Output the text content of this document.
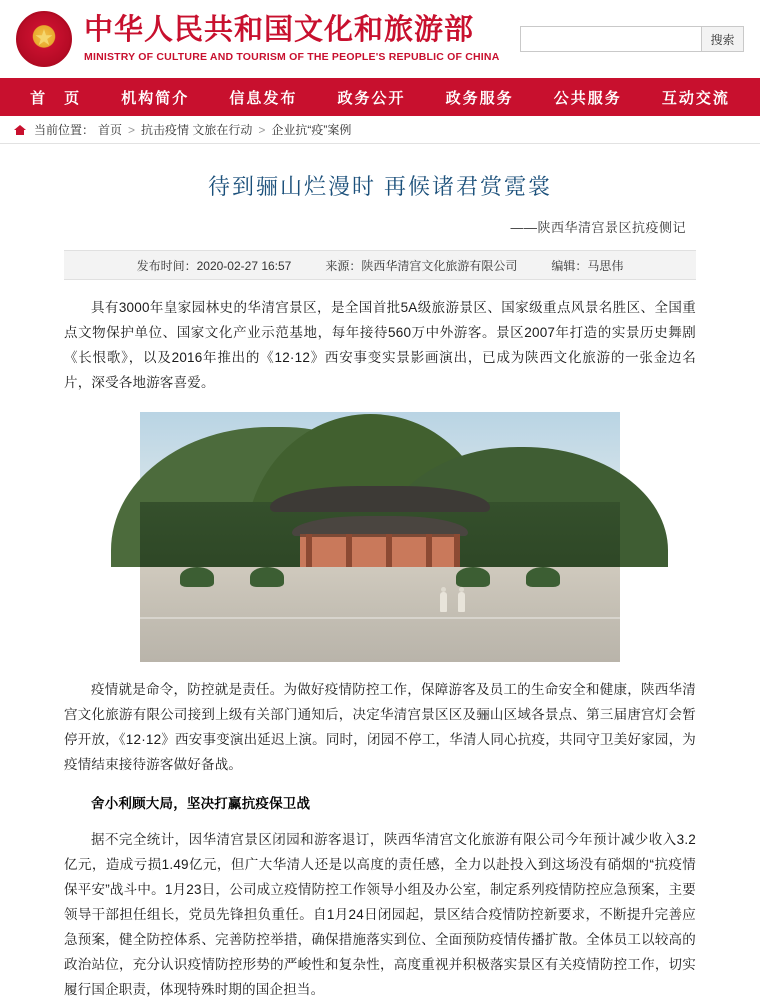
★
中华人民共和国文化和旅游部
MINISTRY OF CULTURE AND TOURISM OF THE PEOPLE'S REPUBLIC OF CHINA
搜索
首　页	机构简介	信息发布	政务公开	政务服务	公共服务	互动交流
当前位置： 首页 > 抗击疫情 文旅在行动 > 企业抗“疫”案例
待到骊山烂漫时 再候诸君赏霓裳
——陕西华清宫景区抗疫侧记
发布时间：2020-02-27 16:57	来源：陕西华清宫文化旅游有限公司	编辑：马思伟

具有3000年皇家园林史的华清宫景区，是全国首批5A级旅游景区、国家级重点风景名胜区、全国重点文物保护单位、国家文化产业示范基地，每年接待560万中外游客。景区2007年打造的实景历史舞剧《长恨歌》，以及2016年推出的《12·12》西安事变实景影画演出，已成为陕西文化旅游的一张金边名片，深受各地游客喜爱。

疫情就是命令，防控就是责任。为做好疫情防控工作，保障游客及员工的生命安全和健康，陕西华清宫文化旅游有限公司接到上级有关部门通知后，决定华清宫景区区及骊山区域各景点、第三届唐宫灯会暂停开放，《12·12》西安事变演出延迟上演。同时，闭园不停工，华清人同心抗疫，共同守卫美好家园，为疫情结束接待游客做好备战。

舍小利顾大局，坚决打赢抗疫保卫战

据不完全统计，因华清宫景区闭园和游客退订，陕西华清宫文化旅游有限公司今年预计减少收入3.2亿元，造成亏损1.49亿元，但广大华清人还是以高度的责任感，全力以赴投入到这场没有硝烟的“抗疫情保平安”战斗中。1月23日，公司成立疫情防控工作领导小组及办公室，制定系列疫情防控应急预案，主要领导干部担任组长，党员先锋担负重任。自1月24日闭园起，景区结合疫情防控新要求，不断提升完善应急预案，健全防控体系、完善防控举措，确保措施落实到位、全面预防疫情传播扩散。全体员工以较高的政治站位，充分认识疫情防控形势的严峻性和复杂性，高度重视并积极落实景区有关疫情防控工作，切实履行国企职责，体现特殊时期的国企担当。
